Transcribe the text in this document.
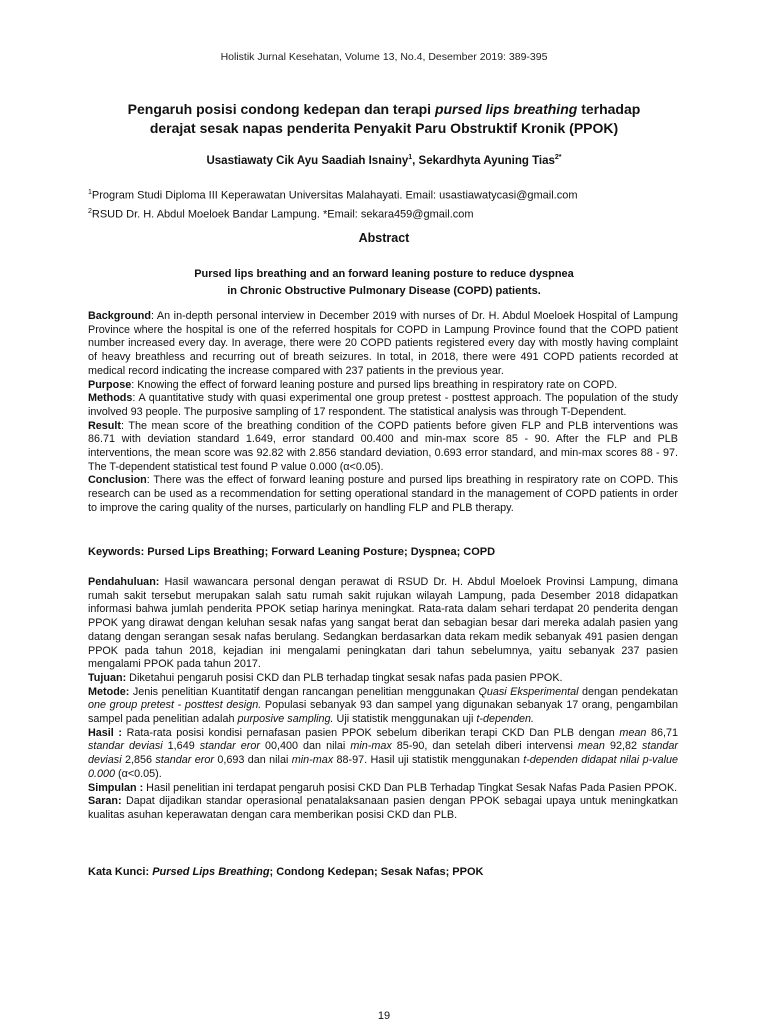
Holistik Jurnal Kesehatan, Volume 13, No.4, Desember 2019: 389-395
Pengaruh posisi condong kedepan dan terapi pursed lips breathing terhadap
derajat sesak napas penderita Penyakit Paru Obstruktif Kronik (PPOK)
Usastiawaty Cik Ayu Saadiah Isnainy$^1$, Sekardhyta Ayuning Tias$^{2*}$
$^1$Program Studi Diploma III Keperawatan Universitas Malahayati. Email: usastiawatycasi@gmail.com
$^2$RSUD Dr. H. Abdul Moeloek Bandar Lampung. *Email: sekara459@gmail.com
Abstract
Pursed lips breathing and an forward leaning posture to reduce dyspnea
in Chronic Obstructive Pulmonary Disease (COPD) patients.

Background: An in-depth personal interview in December 2019 with nurses of Dr. H. Abdul Moeloek Hospital of Lampung Province where the hospital is one of the referred hospitals for COPD in Lampung Province found that the COPD patient number increased every day. In average, there were 20 COPD patients registered every day with mostly having complaint of heavy breathless and recurring out of breath seizures. In total, in 2018, there were 491 COPD patients recorded at medical record indicating the increase compared with 237 patients in the previous year.

Purpose: Knowing the effect of forward leaning posture and pursed lips breathing in respiratory rate on COPD.

Methods: A quantitative study with quasi experimental one group pretest - posttest approach. The population of the study involved 93 people. The purposive sampling of 17 respondent. The statistical analysis was through T-Dependent.

Result: The mean score of the breathing condition of the COPD patients before given FLP and PLB interventions was 86.71 with deviation standard 1.649, error standard 00.400 and min-max score 85 - 90. After the FLP and PLB interventions, the mean score was 92.82 with 2.856 standard deviation, 0.693 error standard, and min-max scores 88 - 97. The T-dependent statistical test found P value 0.000 (α<0.05).

Conclusion: There was the effect of forward leaning posture and pursed lips breathing in respiratory rate on COPD. This research can be used as a recommendation for setting operational standard in the management of COPD patients in order to improve the caring quality of the nurses, particularly on handling FLP and PLB therapy.

Keywords: Pursed Lips Breathing; Forward Leaning Posture; Dyspnea; COPD

Pendahuluan: Hasil wawancara personal dengan perawat di RSUD Dr. H. Abdul Moeloek Provinsi Lampung, dimana rumah sakit tersebut merupakan salah satu rumah sakit rujukan wilayah Lampung, pada Desember 2018 didapatkan informasi bahwa jumlah penderita PPOK setiap harinya meningkat. Rata-rata dalam sehari terdapat 20 penderita dengan PPOK yang dirawat dengan keluhan sesak nafas yang sangat berat dan sebagian besar dari mereka adalah pasien yang datang dengan serangan sesak nafas berulang. Sedangkan berdasarkan data rekam medik sebanyak 491 pasien dengan PPOK pada tahun 2018, kejadian ini mengalami peningkatan dari tahun sebelumnya, yaitu sebanyak 237 pasien mengalami PPOK pada tahun 2017.

Tujuan: Diketahui pengaruh posisi CKD dan PLB terhadap tingkat sesak nafas pada pasien PPOK.

Metode: Jenis penelitian Kuantitatif dengan rancangan penelitian menggunakan Quasi Eksperimental dengan pendekatan one group pretest - posttest design. Populasi sebanyak 93 dan sampel yang digunakan sebanyak 17 orang, pengambilan sampel pada penelitian adalah purposive sampling. Uji statistik menggunakan uji t-dependen.

Hasil : Rata-rata posisi kondisi pernafasan pasien PPOK sebelum diberikan terapi CKD Dan PLB dengan mean 86,71 standar deviasi 1,649 standar eror 00,400 dan nilai min-max 85-90, dan setelah diberi intervensi mean 92,82 standar deviasi 2,856 standar eror 0,693 dan nilai min-max 88-97. Hasil uji statistik menggunakan t-dependen didapat nilai p-value 0.000 (α<0.05).

Simpulan : Hasil penelitian ini terdapat pengaruh posisi CKD Dan PLB Terhadap Tingkat Sesak Nafas Pada Pasien PPOK.

Saran: Dapat dijadikan standar operasional penatalaksanaan pasien dengan PPOK sebagai upaya untuk meningkatkan kualitas asuhan keperawatan dengan cara memberikan posisi CKD dan PLB.

Kata Kunci: Pursed Lips Breathing; Condong Kedepan; Sesak Nafas; PPOK
19
